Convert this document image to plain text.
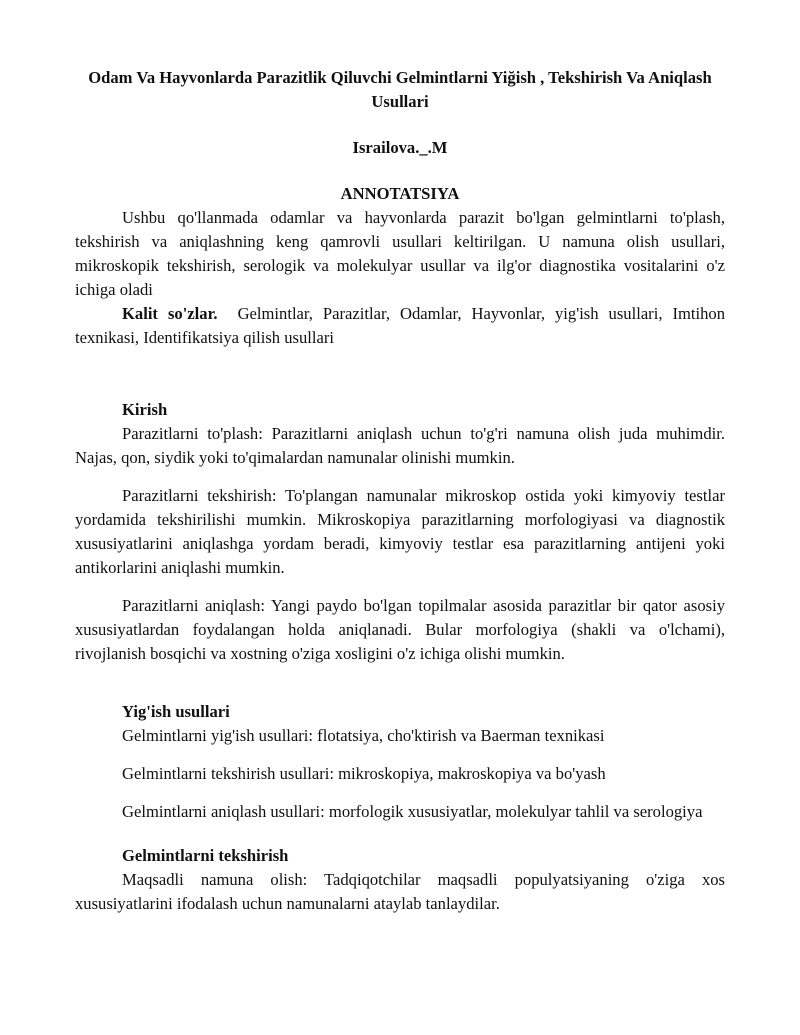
Odam Va Hayvonlarda Parazitlik Qiluvchi Gelmintlarni Yiğish , Tekshirish Va Aniqlash Usullari

Israilova._.M

ANNOTATSIYA

Ushbu qo'llanmada odamlar va hayvonlarda parazit bo'lgan gelmintlarni to'plash, tekshirish va aniqlashning keng qamrovli usullari keltirilgan. U namuna olish usullari, mikroskopik tekshirish, serologik va molekulyar usullar va ilg'or diagnostika vositalarini o'z ichiga oladi

Kalit so'zlar. Gelmintlar, Parazitlar, Odamlar, Hayvonlar, yig'ish usullari, Imtihon texnikasi, Identifikatsiya qilish usullari

Kirish

Parazitlarni to'plash: Parazitlarni aniqlash uchun to'g'ri namuna olish juda muhimdir. Najas, qon, siydik yoki to'qimalardan namunalar olinishi mumkin.

Parazitlarni tekshirish: To'plangan namunalar mikroskop ostida yoki kimyoviy testlar yordamida tekshirilishi mumkin. Mikroskopiya parazitlarning morfologiyasi va diagnostik xususiyatlarini aniqlashga yordam beradi, kimyoviy testlar esa parazitlarning antijeni yoki antikorlarini aniqlashi mumkin.

Parazitlarni aniqlash: Yangi paydo bo'lgan topilmalar asosida parazitlar bir qator asosiy xususiyatlardan foydalangan holda aniqlanadi. Bular morfologiya (shakli va o'lchami), rivojlanish bosqichi va xostning o'ziga xosligini o'z ichiga olishi mumkin.

Yig'ish usullari

Gelmintlarni yig'ish usullari: flotatsiya, cho'ktirish va Baerman texnikasi

Gelmintlarni tekshirish usullari: mikroskopiya, makroskopiya va bo'yash

Gelmintlarni aniqlash usullari: morfologik xususiyatlar, molekulyar tahlil va serologiya

Gelmintlarni tekshirish

Maqsadli namuna olish: Tadqiqotchilar maqsadli populyatsiyaning o'ziga xos xususiyatlarini ifodalash uchun namunalarni ataylab tanlaydilar.
